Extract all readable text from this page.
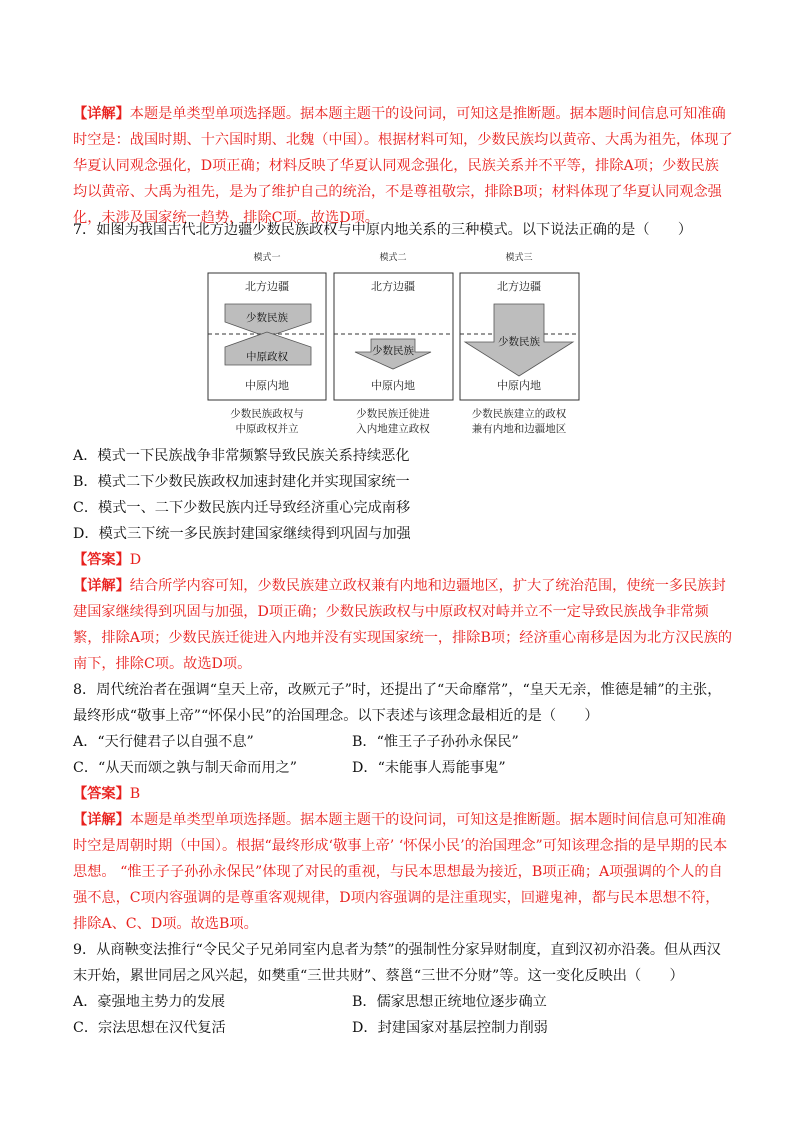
【详解】本题是单类型单项选择题。据本题主题干的设问词，可知这是推断题。据本题时间信息可知准确时空是：战国时期、十六国时期、北魏（中国）。根据材料可知，少数民族均以黄帝、大禹为祖先，体现了华夏认同观念强化，D项正确；材料反映了华夏认同观念强化，民族关系并不平等，排除A项；少数民族均以黄帝、大禹为祖先，是为了维护自己的统治，不是尊祖敬宗，排除B项；材料体现了华夏认同观念强化，未涉及国家统一趋势，排除C项。故选D项。

7．如图为我国古代北方边疆少数民族政权与中原内地关系的三种模式。以下说法正确的是（　　）

模式一
北方边疆
少数民族
中原政权
中原内地
少数民族政权与
中原政权并立
模式二
北方边疆
少数民族
中原内地
少数民族迁徙进
入内地建立政权
模式三
北方边疆
少数民族
中原内地
少数民族建立的政权
兼有内地和边疆地区

A．模式一下民族战争非常频繁导致民族关系持续恶化

B．模式二下少数民族政权加速封建化并实现国家统一

C．模式一、二下少数民族内迁导致经济重心完成南移

D．模式三下统一多民族封建国家继续得到巩固与加强

【答案】D

【详解】结合所学内容可知，少数民族建立政权兼有内地和边疆地区，扩大了统治范围，使统一多民族封建国家继续得到巩固与加强，D项正确；少数民族政权与中原政权对峙并立不一定导致民族战争非常频繁，排除A项；少数民族迁徙进入内地并没有实现国家统一，排除B项；经济重心南移是因为北方汉民族的南下，排除C项。故选D项。

8．周代统治者在强调“皇天上帝，改厥元子”时，还提出了“天命靡常”，“皇天无亲，惟德是辅”的主张，最终形成“敬事上帝”“怀保小民”的治国理念。以下表述与该理念最相近的是（　　）

A．“天行健君子以自强不息”	B．“惟王子子孙孙永保民”
C．“从天而颂之孰与制天命而用之”	D．“未能事人焉能事鬼”

【答案】B

【详解】本题是单类型单项选择题。据本题主题干的设问词，可知这是推断题。据本题时间信息可知准确时空是周朝时期（中国）。根据“最终形成‘敬事上帝’ ‘怀保小民’的治国理念”可知该理念指的是早期的民本思想。 “惟王子子孙孙永保民”体现了对民的重视，与民本思想最为接近，B项正确；A项强调的个人的自强不息，C项内容强调的是尊重客观规律，D项内容强调的是注重现实，回避鬼神，都与民本思想不符，排除A、C、D项。故选B项。

9．从商鞅变法推行“令民父子兄弟同室内息者为禁”的强制性分家异财制度，直到汉初亦沿袭。但从西汉末开始，累世同居之风兴起，如樊重“三世共财”、蔡邕“三世不分财”等。这一变化反映出（　　）

A．豪强地主势力的发展	B．儒家思想正统地位逐步确立
C．宗法思想在汉代复活	D．封建国家对基层控制力削弱
